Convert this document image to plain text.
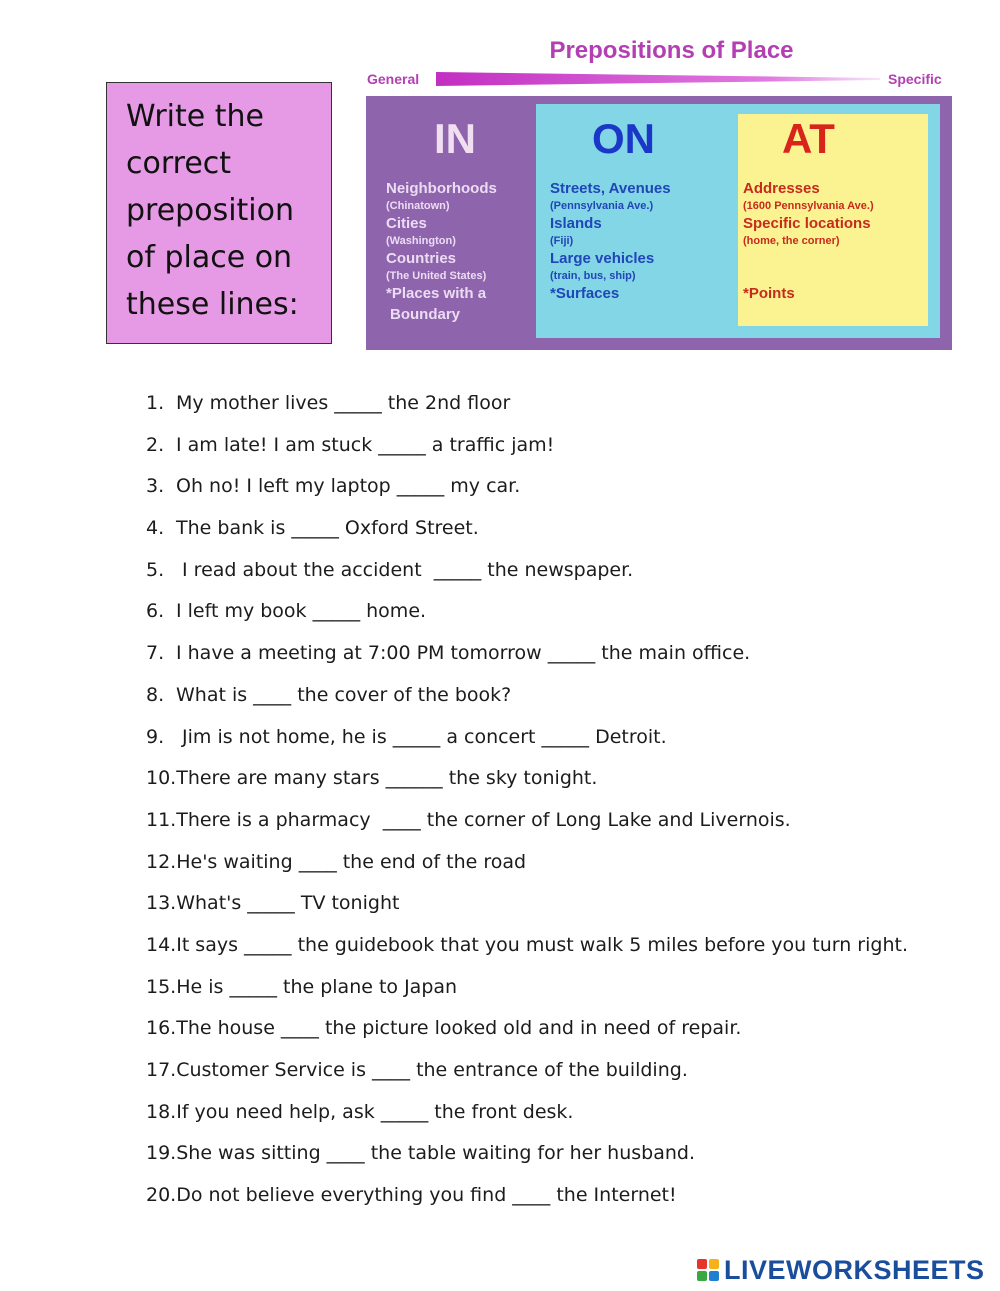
Write the correct preposition of place on these lines:
Prepositions of Place
General	Specific
IN	ON	AT
Neighborhoods
(Chinatown)
Cities
(Washington)
Countries
(The United States)
*Places with a
Boundary
Streets, Avenues
(Pennsylvania Ave.)
Islands
(Fiji)
Large vehicles
(train, bus, ship)
*Surfaces
Addresses
(1600 Pennsylvania Ave.)
Specific locations
(home, the corner)
*Points
1. My mother lives _____ the 2nd floor
2. I am late! I am stuck _____ a traffic jam!
3. Oh no! I left my laptop _____ my car.
4. The bank is _____ Oxford Street.
5. I read about the accident  _____ the newspaper.
6. I left my book _____ home.
7. I have a meeting at 7:00 PM tomorrow _____ the main office.
8. What is ____ the cover of the book?
9. Jim is not home, he is _____ a concert _____ Detroit.
10.There are many stars ______ the sky tonight.
11.There is a pharmacy  ____ the corner of Long Lake and Livernois.
12.He's waiting ____ the end of the road
13.What's _____ TV tonight
14.It says _____ the guidebook that you must walk 5 miles before you turn right.
15.He is _____ the plane to Japan
16.The house ____ the picture looked old and in need of repair.
17.Customer Service is ____ the entrance of the building.
18.If you need help, ask _____ the front desk.
19.She was sitting ____ the table waiting for her husband.
20.Do not believe everything you find ____ the Internet!
LIVEWORKSHEETS
